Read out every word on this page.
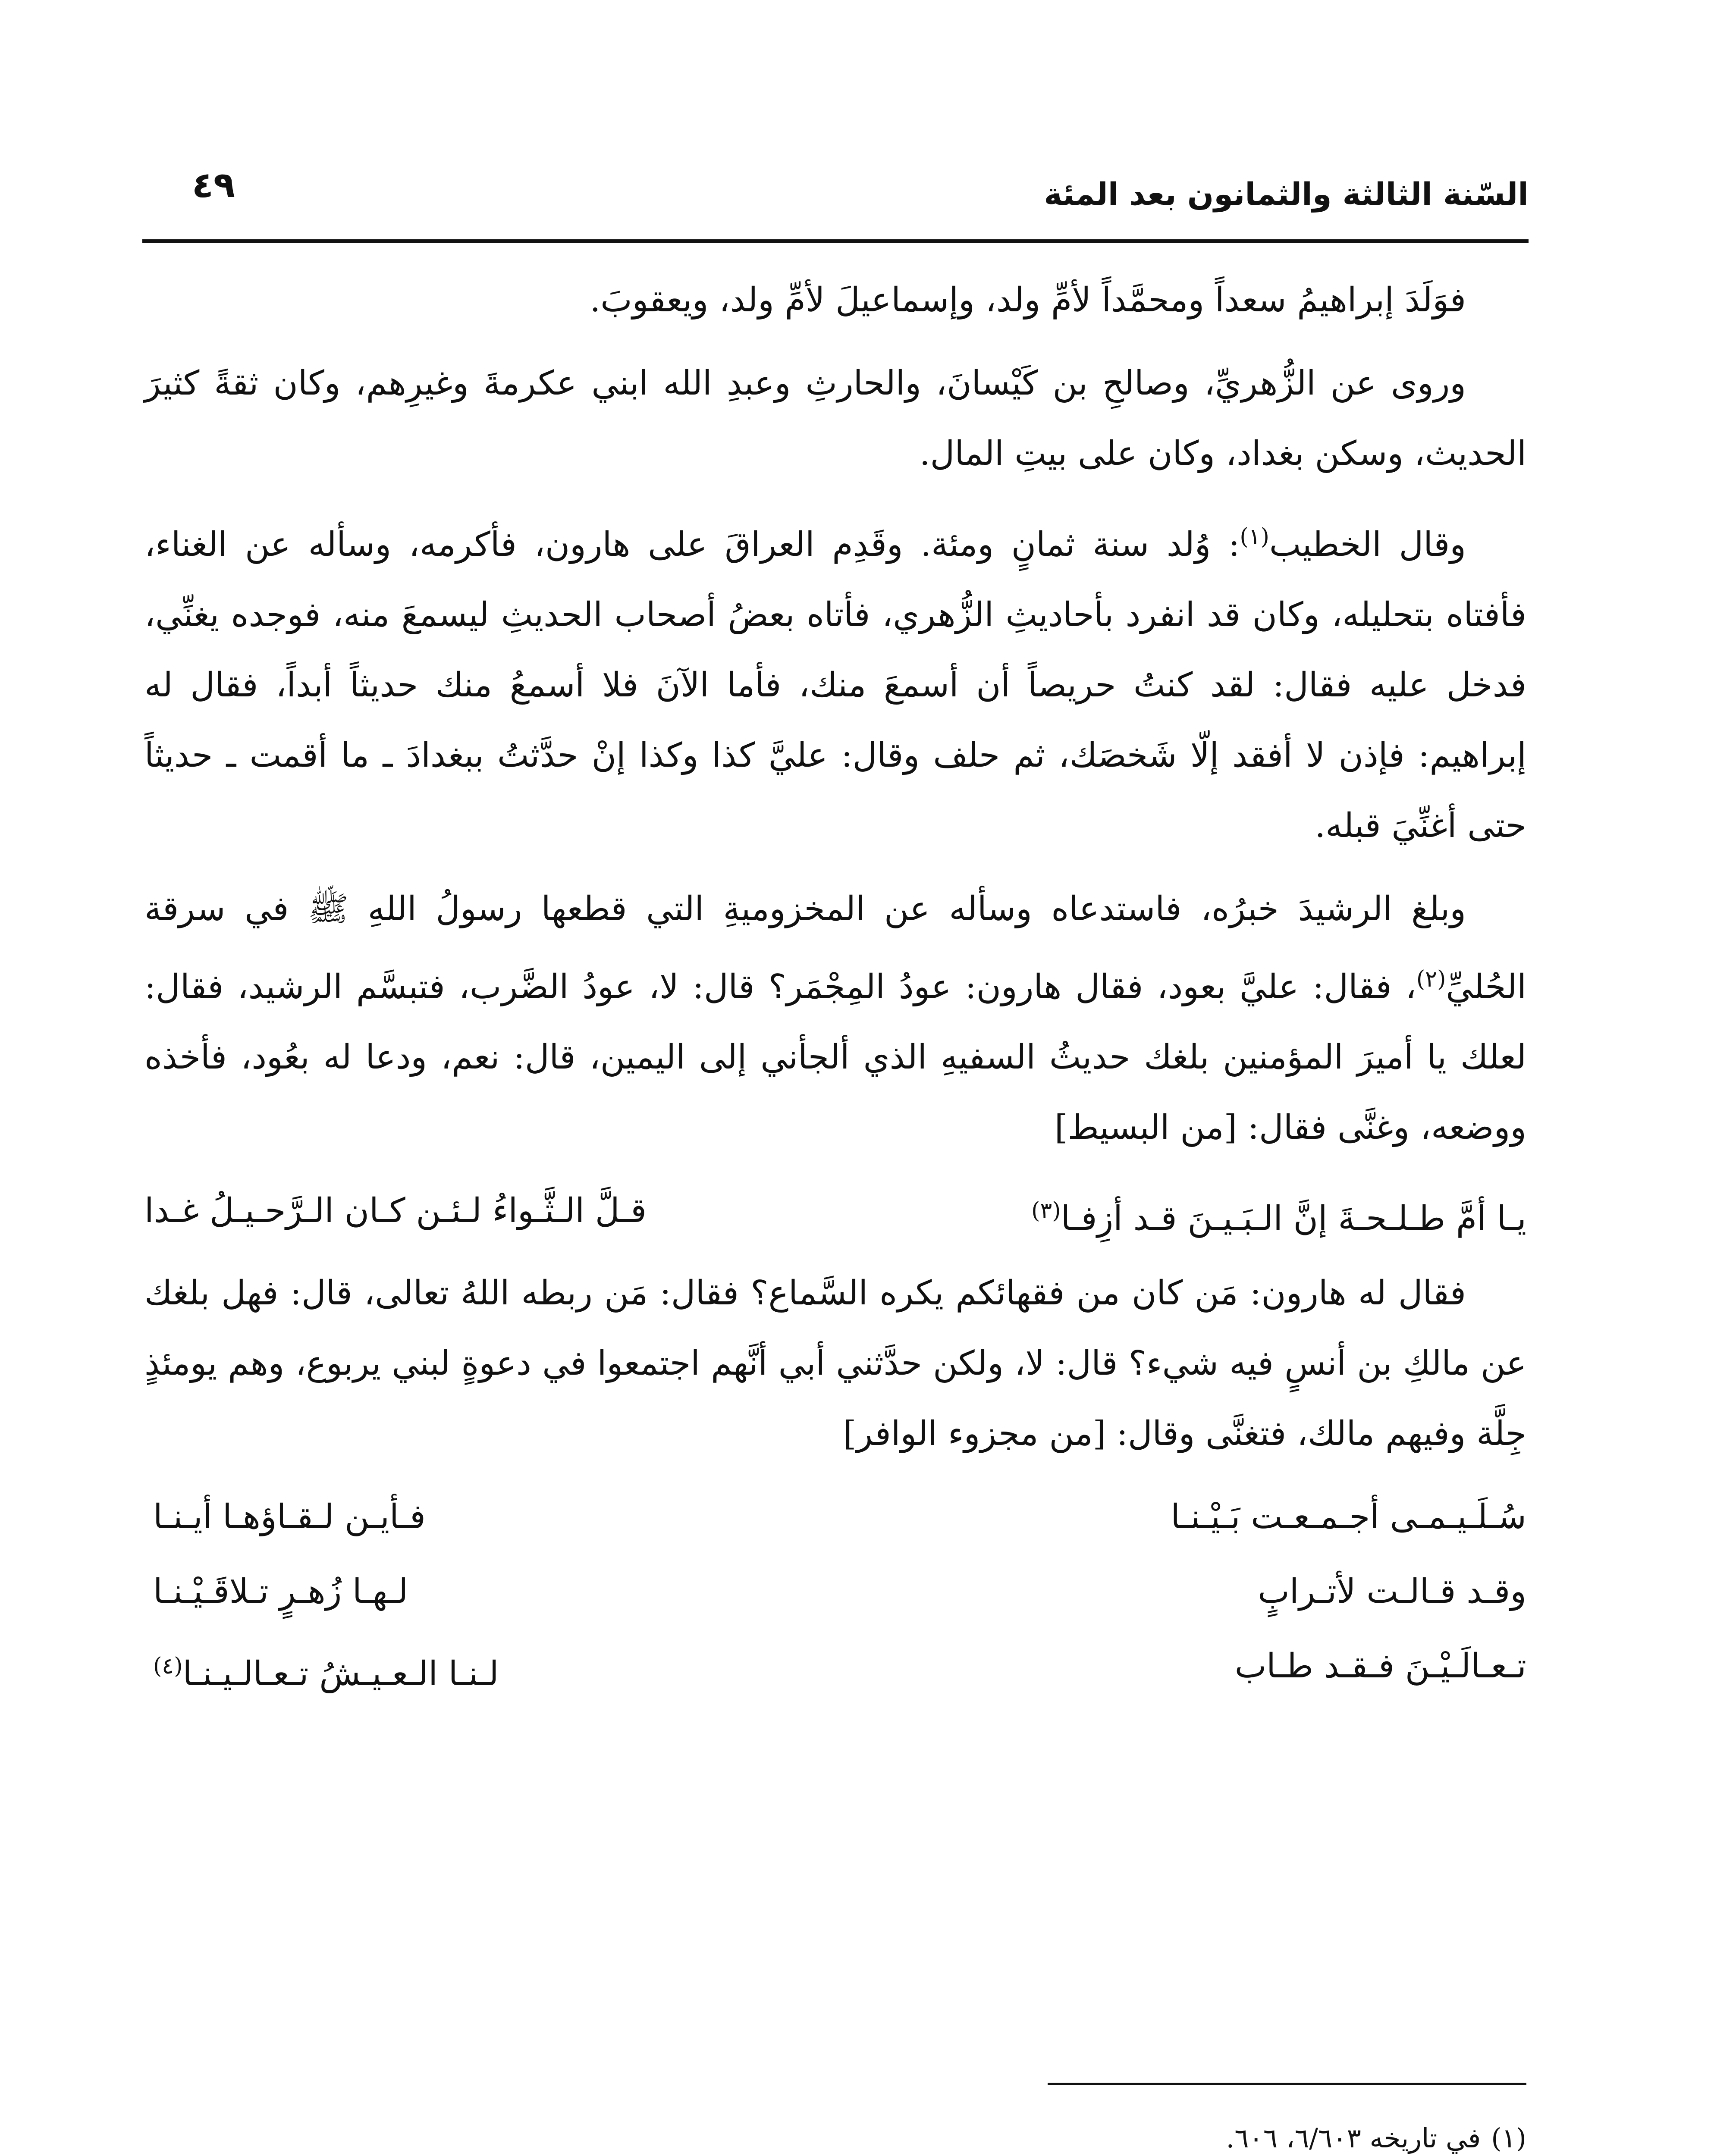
السّنة الثالثة والثمانون بعد المئة
٤٩

فوَلَدَ إبراهيمُ سعداً ومحمَّداً لأمِّ ولد، وإسماعيلَ لأمِّ ولد، ويعقوبَ.

وروى عن الزُّهريِّ، وصالحِ بن كَيْسانَ، والحارثِ وعبدِ الله ابني عكرمةَ وغيرِهم، وكان ثقةً كثيرَ الحديث، وسكن بغداد، وكان على بيتِ المال.

وقال الخطيب$^{(١)}$: وُلد سنة ثمانٍ ومئة. وقَدِم العراقَ على هارون، فأكرمه، وسأله عن الغناء، فأفتاه بتحليله، وكان قد انفرد بأحاديثِ الزُّهري، فأتاه بعضُ أصحاب الحديثِ ليسمعَ منه، فوجده يغنِّي، فدخل عليه فقال: لقد كنتُ حريصاً أن أسمعَ منك، فأما الآنَ فلا أسمعُ منك حديثاً أبداً، فقال له إبراهيم: فإذن لا أفقد إلّا شَخصَك، ثم حلف وقال: عليَّ كذا وكذا إنْ حدَّثتُ ببغدادَ ـ ما أقمت ـ حديثاً حتى أغنِّيَ قبله.

وبلغ الرشيدَ خبرُه، فاستدعاه وسأله عن المخزوميةِ التي قطعها رسولُ اللهِ ﷺ في سرقة الحُليِّ$^{(٢)}$، فقال: عليَّ بعود، فقال هارون: عودُ المِجْمَر؟ قال: لا، عودُ الضَّرب، فتبسَّم الرشيد، فقال: لعلك يا أميرَ المؤمنين بلغك حديثُ السفيهِ الذي ألجأني إلى اليمين، قال: نعم، ودعا له بعُود، فأخذه ووضعه، وغنَّى فقال: [من البسيط]

يـا أمَّ طـلـحـةَ إنَّ الـبَـيـنَ قـد أزِفـا$^{(٣)}$
قـلَّ الـثَّـواءُ لـئـن كـان الـرَّحـيـلُ غـدا

فقال له هارون: مَن كان من فقهائكم يكره السَّماع؟ فقال: مَن ربطه اللهُ تعالى، قال: فهل بلغك عن مالكِ بن أنسٍ فيه شيء؟ قال: لا، ولكن حدَّثني أبي أنَّهم اجتمعوا في دعوةٍ لبني يربوع، وهم يومئذٍ جِلَّة وفيهم مالك، فتغنَّى وقال: [من مجزوء الوافر]

سُـلَـيـمـى أجـمـعـت بَـيْـنـا
فـأيـن لـقـاؤهـا أيـنـا
وقـد قـالـت لأتـرابٍ
لـهـا زُهـرٍ تـلاقَـيْـنـا
تـعـالَـيْـنَ فـقـد طـاب
لـنـا الـعـيـشُ تـعـالـيـنـا$^{(٤)}$

(١)في تاريخه ٦/٦٠٣، ٦٠٦.
